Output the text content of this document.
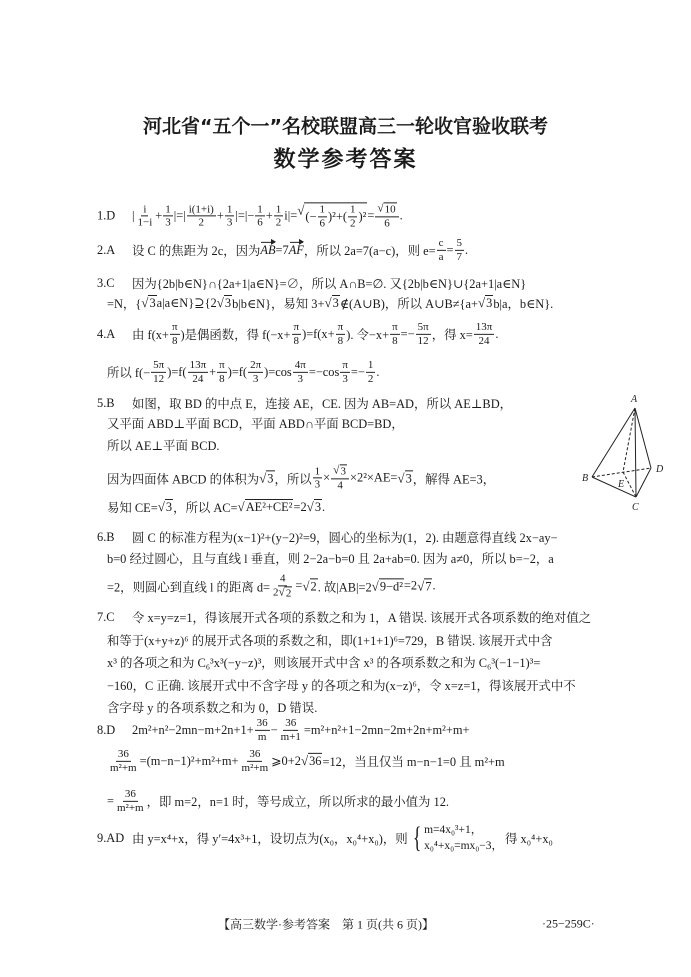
河北省“五个一”名校联盟高三一轮收官验收联考
数学参考答案
1.D	| $\frac{i}{1-i} + \frac{1}{3}$ |=| $\frac{i(1+i)}{2} + \frac{1}{3}$ |=|− $\frac{1}{6} + \frac{1}{2} i|=$ √ (− $\frac{1}{6} )^2+( \frac{1}{2} )^2 = \frac{√ 10}{6}$ .
2.A	设 C 的焦距为 2c，因为 AB =7 AF ，所以 2a=7(a−c)，则 $e= \frac{c}{a} = \frac{5}{7}$ .
3.C	因为{2b|b∈N}∩{2a+1|a∈N}=∅，所以 A∩B=∅. 又{2b|b∈N}∪{2a+1|a∈N}
=N，{ √ 3 a|a∈N}⊇{2 √ 3 b|b∈N}，易知 3+ √ 3 ∉(A∪B)，所以 A∪B≠{a+ √ 3 b|a，b∈N}.
4.A	由 $f(x+ \frac{\pi}{8}$ )是偶函数，得 $f(-x+ \frac{\pi}{8} )=f(x+ \frac{\pi}{8}$ ). 令$-x+ \frac{\pi}{8} =- \frac{5\pi}{12}$ ，得 $x= \frac{13\pi}{24}$ .
所以 $f(- \frac{5\pi}{12} )=f( \frac{13\pi}{24} + \frac{\pi}{8} )=f( \frac{2\pi}{3} )=\cos \frac{4\pi}{3} =-\cos \frac{\pi}{3} =- \frac{1}{2}$ .
5.B	如图，取 BD 的中点 E，连接 AE，CE. 因为 AB=AD，所以 AE⊥BD，
又平面 ABD⊥平面 BCD，平面 ABD∩平面 BCD=BD，
所以 AE⊥平面 BCD.
因为四面体 ABCD 的体积为 √ 3 ，所以 $\frac{1}{3} \times \frac{√ 3}{4} \times 2^2\times AE=$ √ 3 ，解得 AE=3，
易知 CE= √ 3 ，所以 AC= √ AE²+CE² =2 √ 3 .
6.B	圆 C 的标准方程为(x−1)²+(y−2)²=9，圆心的坐标为(1，2). 由题意得直线 2x−ay−
b=0 经过圆心，且与直线 l 垂直，则 2−2a−b=0 且 2a+ab=0. 因为 a≠0，所以 b=−2，a
=2，则圆心到直线 l 的距离 $d= \frac{4}{2 √ 2}$ = √ 2 . 故|AB|=2 √ 9−d² =2 √ 7 .
7.C	令 x=y=z=1，得该展开式各项的系数之和为 1，A 错误. 该展开式各项系数的绝对值之
和等于(x+y+z)⁶ 的展开式各项的系数之和，即(1+1+1)⁶=729，B 错误. 该展开式中含
x³ 的各项之和为 C₆³x³(−y−z)³，则该展开式中含 x³ 的各项系数之和为 C₆³(−1−1)³=
−160，C 正确. 该展开式中不含字母 y 的各项之和为(x−z)⁶，令 x=z=1，得该展开式中不
含字母 y 的各项系数之和为 0，D 错误.
8.D	$2m^2+n^2-2mn-m+2n+1+ \frac{36}{m} - \frac{36}{m+1} =m^2+n^2+1-2mn-2m+2n+m^2+m+$
$\frac{36}{\text{m²+m}} =(m-n-1)^2+m^2+m+ \frac{36}{\text{m²+m}}$ ⩾0+2 √ 36 =12，当且仅当 m−n−1=0 且 m²+m
= $\frac{36}{\text{m²+m}}$ ，即 m=2，n=1 时，等号成立，所以所求的最小值为 12.
9.AD 由 y=x⁴+x，得 y′=4x³+1，设切点为(x₀，x₀⁴+x₀)，则 { m=4x₀³+1，
x₀⁴+x₀=mx₀−3， 得 x₀⁴+x₀
A
B
D
E
C
【高三数学·参考答案　第 1 页(共 6 页)】	·25−259C·
